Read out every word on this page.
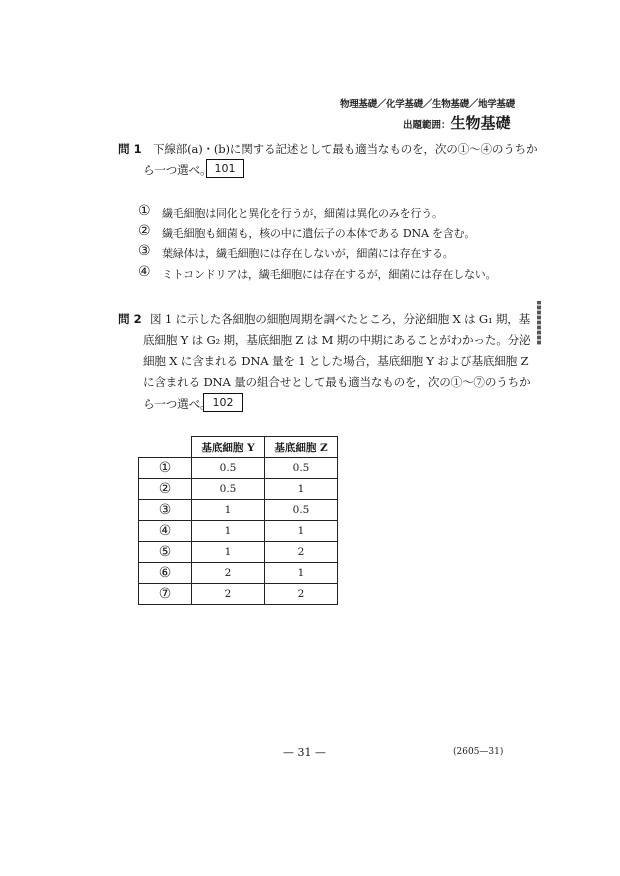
物理基礎／化学基礎／生物基礎／地学基礎
出題範囲：生物基礎
問 1 下線部(a)・(b)に関する記述として最も適当なものを，次の①～④のうちか
ら一つ選べ。 101
① 繊毛細胞は同化と異化を行うが，細菌は異化のみを行う。
② 繊毛細胞も細菌も，核の中に遺伝子の本体である DNA を含む。
③ 葉緑体は，繊毛細胞には存在しないが，細菌には存在する。
④ ミトコンドリアは，繊毛細胞には存在するが，細菌には存在しない。
問 2 図 1 に示した各細胞の細胞周期を調べたところ，分泌細胞 X は G₁ 期，基
底細胞 Y は G₂ 期，基底細胞 Z は M 期の中期にあることがわかった。分泌
細胞 X に含まれる DNA 量を 1 とした場合，基底細胞 Y および基底細胞 Z
に含まれる DNA 量の組合せとして最も適当なものを，次の①～⑦のうちか
ら一つ選べ。 102
	基底細胞 Y	基底細胞 Z
①	0.5	0.5
②	0.5	1
③	1	0.5
④	1	1
⑤	1	2
⑥	2	1
⑦	2	2
— 31 —	(2605—31)
